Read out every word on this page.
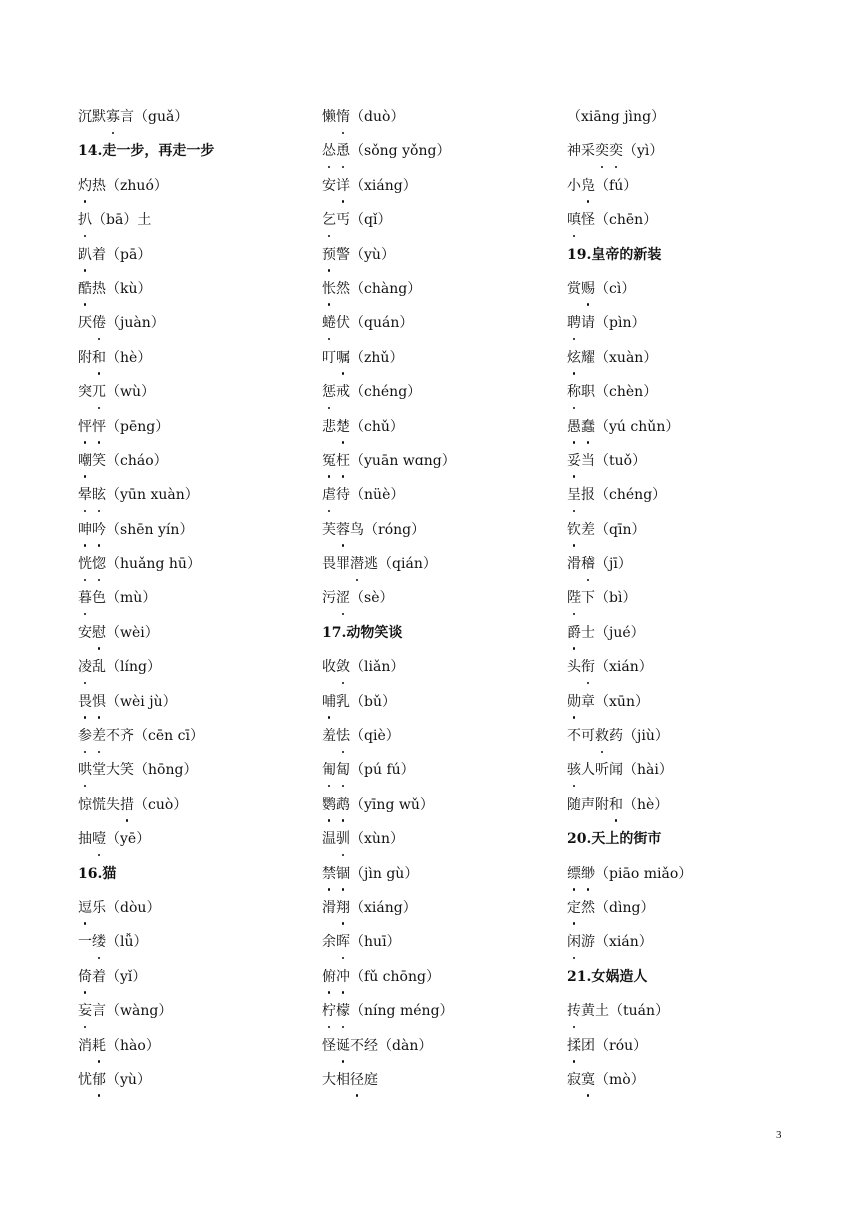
沉默寡言（guǎ）
14.走一步，再走一步
灼热（zhuó）
扒（bā）土
趴着（pā）
酷热（kù）
厌倦（juàn）
附和（hè）
突兀（wù）
怦怦（pēng）
嘲笑（cháo）
晕眩（yūn xuàn）
呻吟（shēn yín）
恍惚（huǎng hū）
暮色（mù）
安慰（wèi）
凌乱（líng）
畏惧（wèi jù）
参差不齐（cēn cī）
哄堂大笑（hōng）
惊慌失措（cuò）
抽噎（yē）
16.猫
逗乐（dòu）
一缕（lǚ）
倚着（yǐ）
妄言（wàng）
消耗（hào）
忧郁（yù）
懒惰（duò）
怂恿（sǒng yǒng）
安详（xiáng）
乞丐（qǐ）
预警（yù）
怅然（chàng）
蜷伏（quán）
叮嘱（zhǔ）
惩戒（chéng）
悲楚（chǔ）
冤枉（yuān wɑng）
虐待（nüè）
芙蓉鸟（róng）
畏罪潜逃（qián）
污涩（sè）
17.动物笑谈
收敛（liǎn）
哺乳（bǔ）
羞怯（qiè）
匍匐（pú fú）
鹦鹉（yīng wǔ）
温驯（xùn）
禁锢（jìn gù）
滑翔（xiáng）
余晖（huī）
俯冲（fǔ chōng）
柠檬（níng méng）
怪诞不经（dàn）
大相径庭
（xiāng jìng）
神采奕奕（yì）
小凫（fú）
嗔怪（chēn）
19.皇帝的新装
赏赐（cì）
聘请（pìn）
炫耀（xuàn）
称职（chèn）
愚蠢（yú chǔn）
妥当（tuǒ）
呈报（chéng）
钦差（qīn）
滑稽（jī）
陛下（bì）
爵士（jué）
头衔（xián）
勋章（xūn）
不可救药（jiù）
骇人听闻（hài）
随声附和（hè）
20.天上的街市
缥缈（piāo miǎo）
定然（dìng）
闲游（xián）
21.女娲造人
抟黄土（tuán）
揉团（róu）
寂寞（mò）
3
